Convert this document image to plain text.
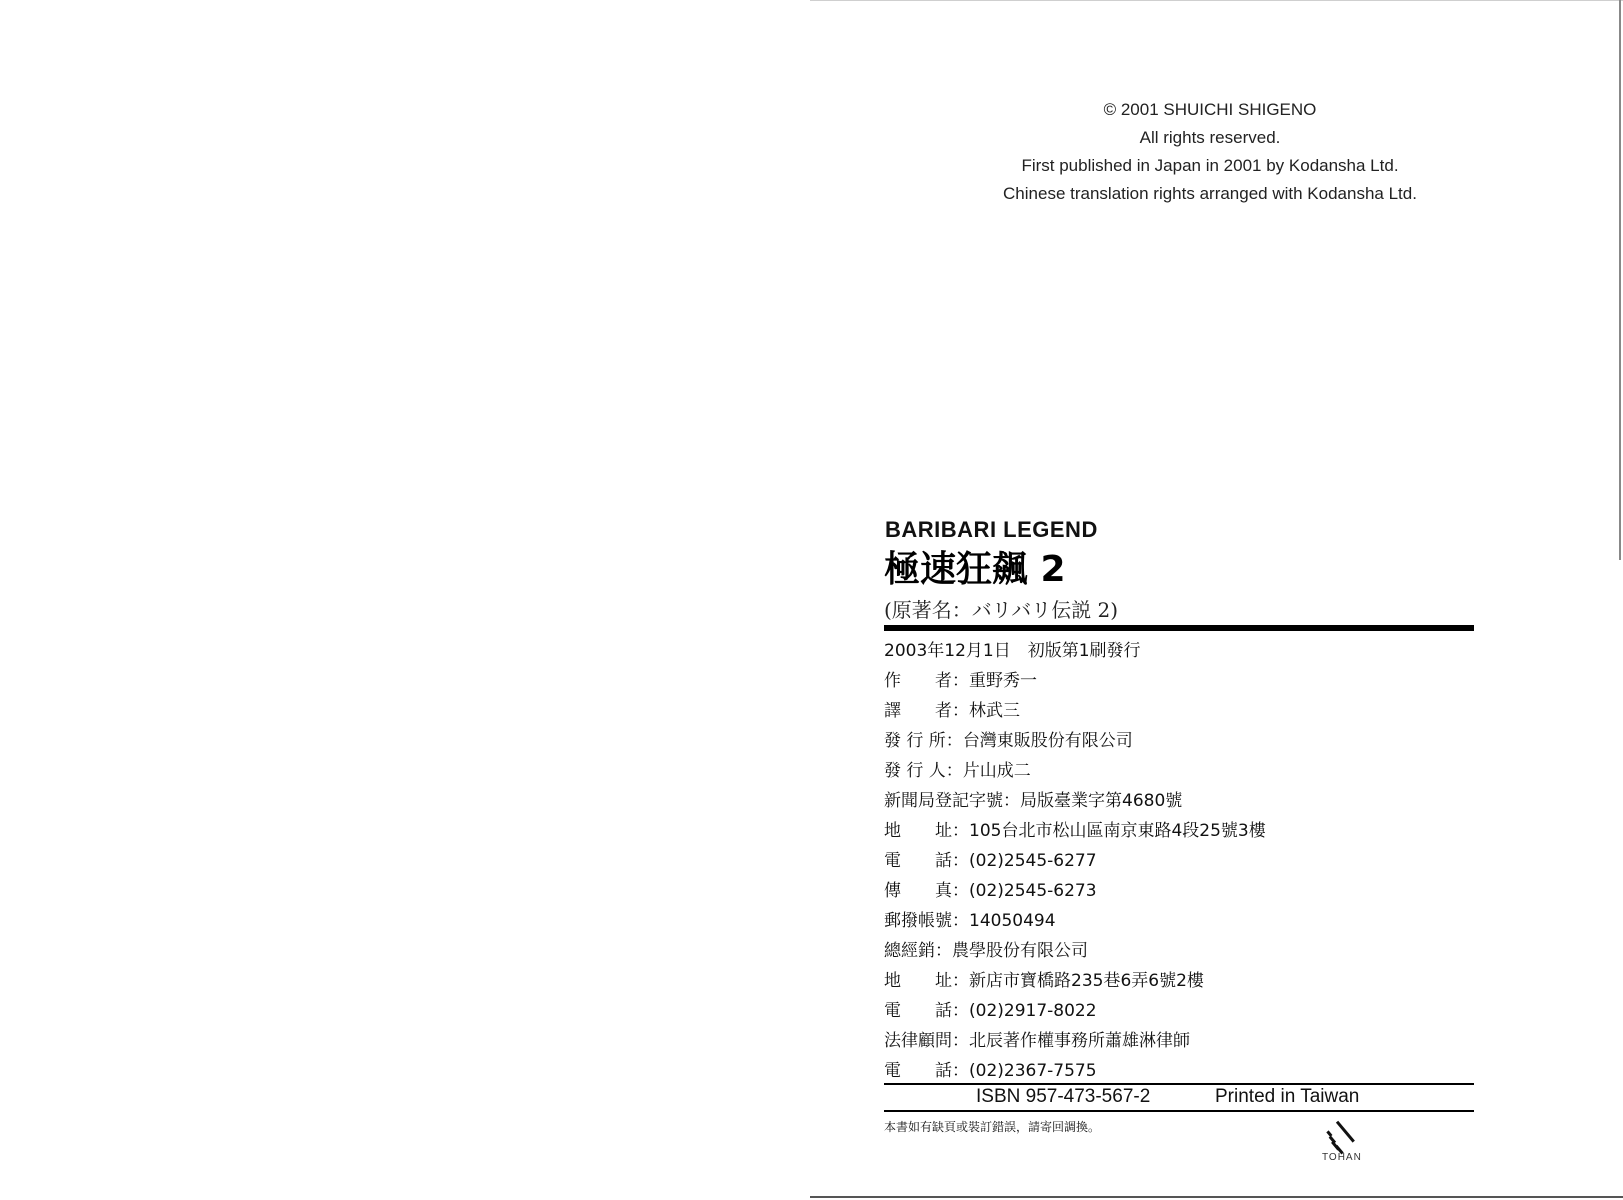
© 2001 SHUICHI SHIGENO
All rights reserved.
First published in Japan in 2001 by Kodansha Ltd.
Chinese translation rights arranged with Kodansha Ltd.
BARIBARI LEGEND
極速狂飆 2
(原著名：バリバリ伝説 2)
2003年12月1日　初版第1刷發行
作　　者：重野秀一
譯　　者：林武三
發 行 所：台灣東販股份有限公司
發 行 人：片山成二
新聞局登記字號：局版臺業字第4680號
地　　址：105台北市松山區南京東路4段25號3樓
電　　話：(02)2545-6277
傳　　真：(02)2545-6273
郵撥帳號：14050494
總經銷：農學股份有限公司
地　　址：新店市寶橋路235巷6弄6號2樓
電　　話：(02)2917-8022
法律顧問：北辰著作權事務所蕭雄淋律師
電　　話：(02)2367-7575
ISBN 957-473-567-2	Printed in Taiwan
本書如有缺頁或裝訂錯誤，請寄回調換。
TOHAN
